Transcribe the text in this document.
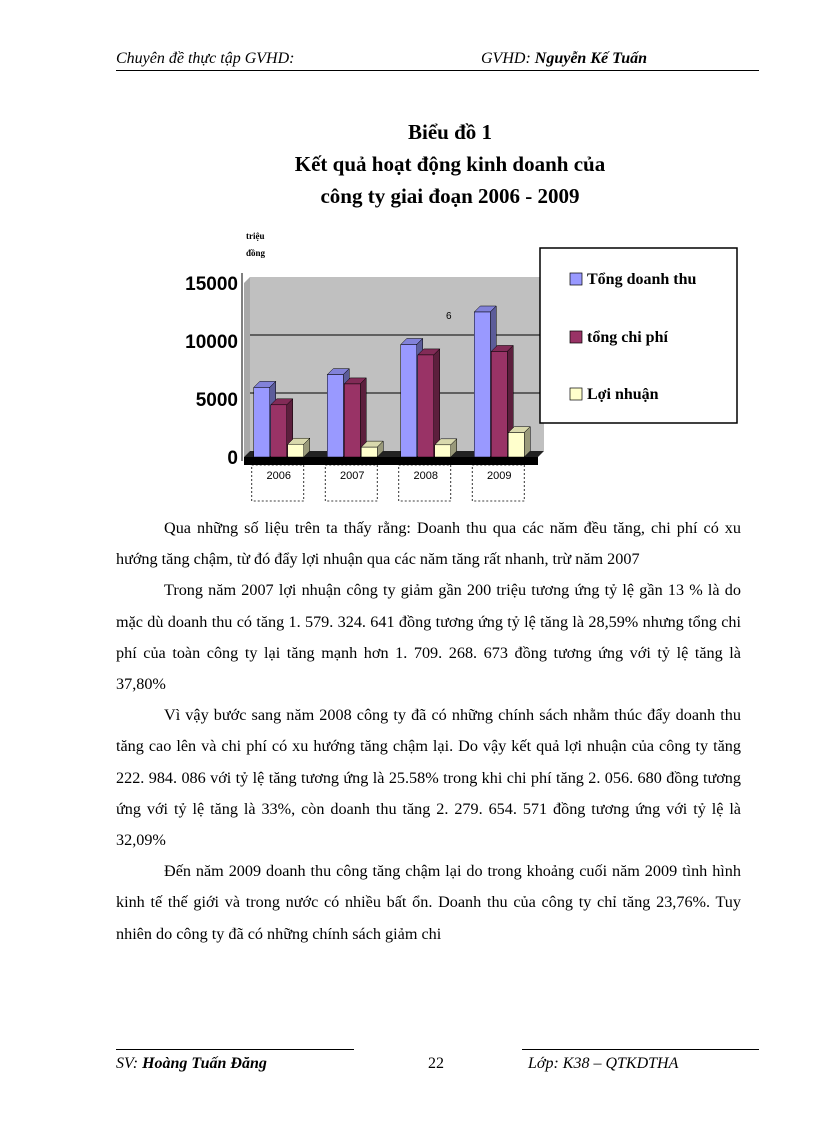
Chuyên đề thực tập GVHD:	GVHD: Nguyễn Kế Tuấn
Biểu đồ 1
Kết quả hoạt động kinh doanh của
công ty giai đoạn 2006 - 2009
15000
10000
5000
0
triệu
đồng
2006	2007	2008	2009
6
Tổng doanh thu
tổng chi phí
Lợi nhuận

Qua những số liệu trên ta thấy rằng: Doanh thu qua các năm đều tăng, chi phí có xu hướng tăng chậm, từ đó đẩy lợi nhuận qua các năm tăng rất nhanh, trừ năm 2007

Trong năm 2007 lợi nhuận công ty giảm gần 200 triệu tương ứng tỷ lệ gần 13 % là do mặc dù doanh thu có tăng 1. 579. 324. 641 đồng tương ứng tỷ lệ tăng là 28,59% nhưng tổng chi phí của toàn công ty lại tăng mạnh hơn 1. 709. 268. 673 đồng tương ứng với tỷ lệ tăng là 37,80%

Vì vậy bước sang năm 2008 công ty đã có những chính sách nhằm thúc đẩy doanh thu tăng cao lên và chi phí có xu hướng tăng chậm lại. Do vậy kết quả lợi nhuận của công ty tăng 222. 984. 086 với tỷ lệ tăng tương ứng là 25.58% trong khi chi phí tăng 2. 056. 680 đồng tương ứng với tỷ lệ tăng là 33%, còn doanh thu tăng 2. 279. 654. 571 đồng tương ứng với tỷ lệ là 32,09%

Đến năm 2009 doanh thu công tăng chậm lại do trong khoảng cuối năm 2009 tình hình kinh tế thế giới và trong nước có nhiều bất ổn. Doanh thu của công ty chỉ tăng 23,76%. Tuy nhiên do công ty đã có những chính sách giảm chi

SV: Hoàng Tuấn Đăng	22	Lớp: K38 – QTKDTHA
